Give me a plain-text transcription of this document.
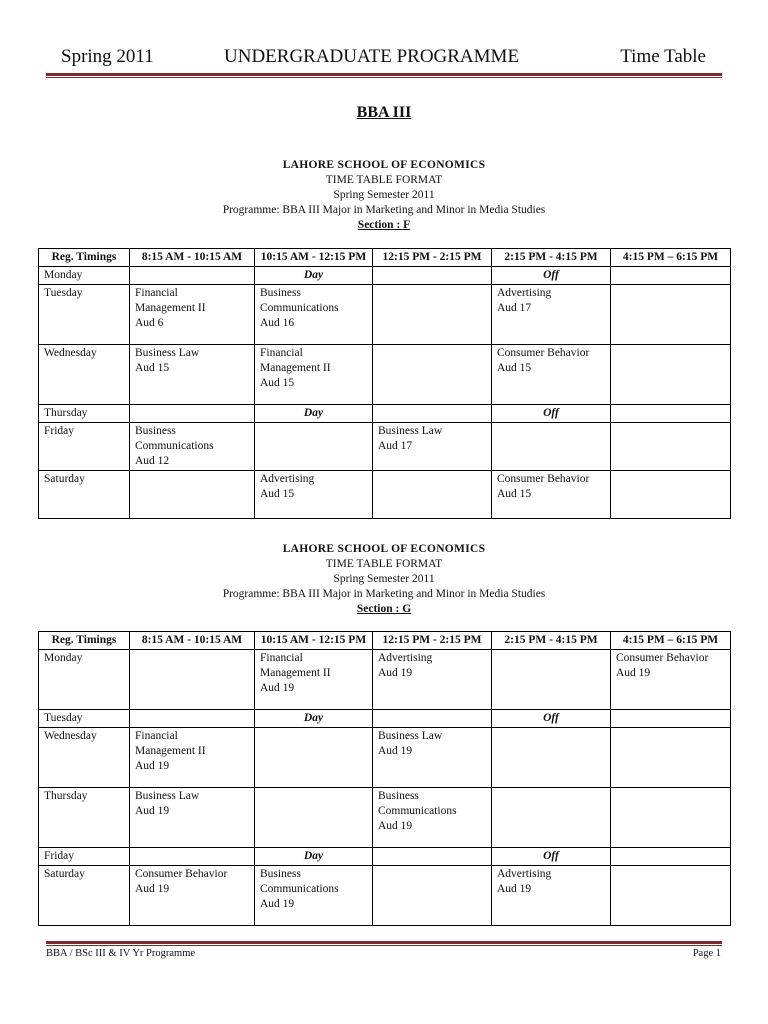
Spring 2011	UNDERGRADUATE PROGRAMME	Time Table
BBA III
LAHORE SCHOOL OF ECONOMICS
TIME TABLE FORMAT
Spring Semester 2011
Programme: BBA III Major in Marketing and Minor in Media Studies
Section : F
Reg. Timings	8:15 AM - 10:15 AM	10:15 AM - 12:15 PM	12:15 PM - 2:15 PM	2:15 PM - 4:15 PM	4:15 PM – 6:15 PM

Monday		Day		Off	

Tuesday	Financial
Management II
Aud 6	Business
Communications
Aud 16		Advertising
Aud 17	

Wednesday	Business Law
Aud 15	Financial
Management II
Aud 15		Consumer Behavior
Aud 15	

Thursday		Day		Off	

Friday	Business
Communications
Aud 12		Business Law
Aud 17		

Saturday		Advertising
Aud 15		Consumer Behavior
Aud 15	

LAHORE SCHOOL OF ECONOMICS
TIME TABLE FORMAT
Spring Semester 2011
Programme: BBA III Major in Marketing and Minor in Media Studies
Section : G
Reg. Timings	8:15 AM - 10:15 AM	10:15 AM - 12:15 PM	12:15 PM - 2:15 PM	2:15 PM - 4:15 PM	4:15 PM – 6:15 PM

Monday		Financial
Management II
Aud 19	Advertising
Aud 19		Consumer Behavior
Aud 19

Tuesday		Day		Off	

Wednesday	Financial
Management II
Aud 19		Business Law
Aud 19		

Thursday	Business Law
Aud 19		Business
Communications
Aud 19		

Friday		Day		Off	

Saturday	Consumer Behavior
Aud 19	Business
Communications
Aud 19		Advertising
Aud 19	

BBA / BSc III & IV Yr Programme	Page 1
